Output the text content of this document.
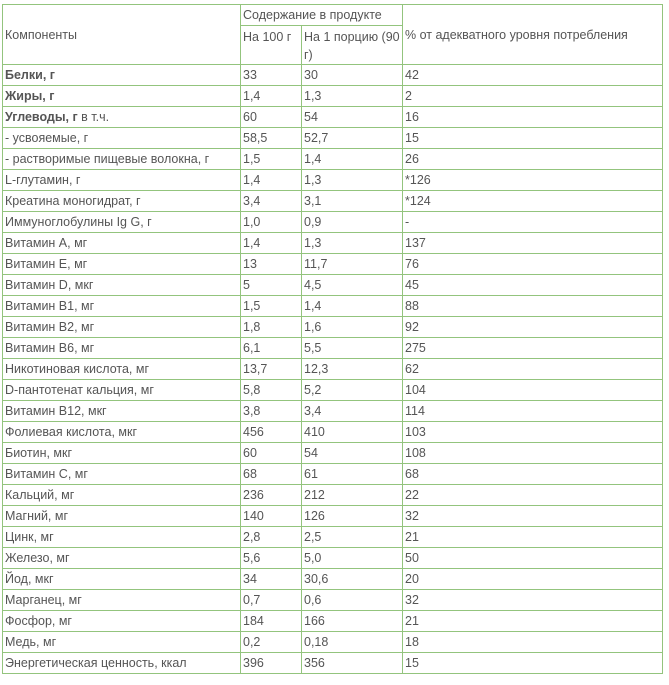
Компоненты	Содержание в продукте		% от адекватного уровня потребления
	На 100 г	На 1 порцию (90 г)	
Белки, г	33	30	42
Жиры, г	1,4	1,3	2
Углеводы, г в т.ч.	60	54	16
- усвояемые, г	58,5	52,7	15
- растворимые пищевые волокна, г	1,5	1,4	26
L-глутамин, г	1,4	1,3	*126
Креатина моногидрат, г	3,4	3,1	*124
Иммуноглобулины Ig G, г	1,0	0,9	-
Витамин А, мг	1,4	1,3	137
Витамин Е, мг	13	11,7	76
Витамин D, мкг	5	4,5	45
Витамин В1, мг	1,5	1,4	88
Витамин В2, мг	1,8	1,6	92
Витамин В6, мг	6,1	5,5	275
Никотиновая кислота, мг	13,7	12,3	62
D-пантотенат кальция, мг	5,8	5,2	104
Витамин В12, мкг	3,8	3,4	114
Фолиевая кислота, мкг	456	410	103
Биотин, мкг	60	54	108
Витамин С, мг	68	61	68
Кальций, мг	236	212	22
Магний, мг	140	126	32
Цинк, мг	2,8	2,5	21
Железо, мг	5,6	5,0	50
Йод, мкг	34	30,6	20
Марганец, мг	0,7	0,6	32
Фосфор, мг	184	166	21
Медь, мг	0,2	0,18	18
Энергетическая ценность, ккал	396	356	15
